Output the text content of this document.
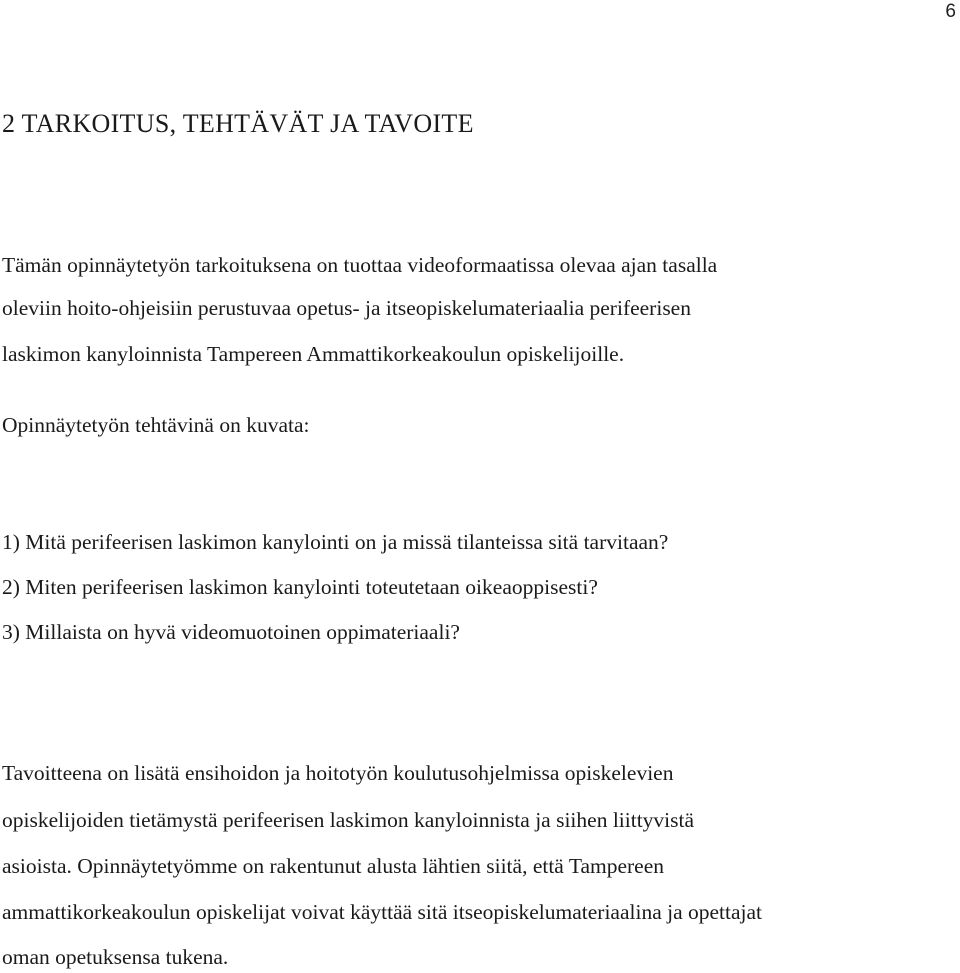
6
2 TARKOITUS, TEHTÄVÄT JA TAVOITE

Tämän opinnäytetyön tarkoituksena on tuottaa videoformaatissa olevaa ajan tasalla

oleviin hoito-ohjeisiin perustuvaa opetus- ja itseopiskelumateriaalia perifeerisen

laskimon kanyloinnista Tampereen Ammattikorkeakoulun opiskelijoille.

Opinnäytetyön tehtävinä on kuvata:

1) Mitä perifeerisen laskimon kanylointi on ja missä tilanteissa sitä tarvitaan?

2) Miten perifeerisen laskimon kanylointi toteutetaan oikeaoppisesti?

3) Millaista on hyvä videomuotoinen oppimateriaali?

Tavoitteena on lisätä ensihoidon ja hoitotyön koulutusohjelmissa opiskelevien

opiskelijoiden tietämystä perifeerisen laskimon kanyloinnista ja siihen liittyvistä

asioista. Opinnäytetyömme on rakentunut alusta lähtien siitä, että Tampereen

ammattikorkeakoulun opiskelijat voivat käyttää sitä itseopiskelumateriaalina ja opettajat

oman opetuksensa tukena.
